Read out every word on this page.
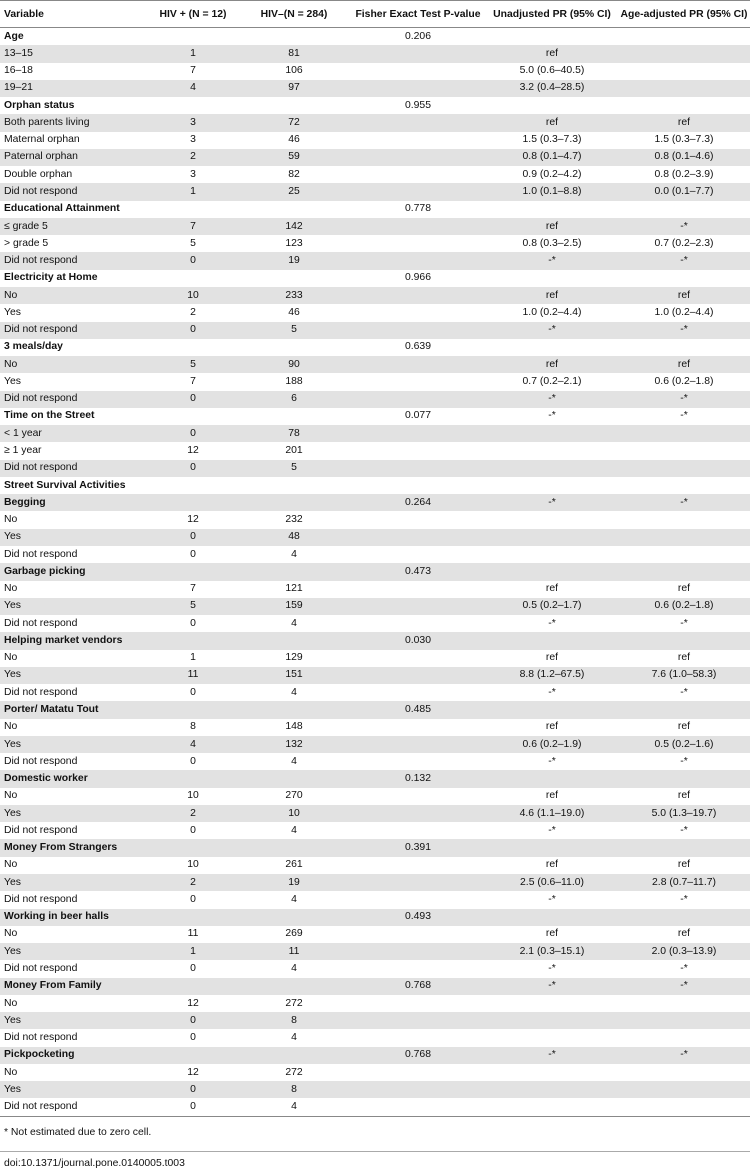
Variable	HIV + (N = 12)	HIV–(N = 284)	Fisher Exact Test P-value	Unadjusted PR (95% CI)	Age-adjusted PR (95% CI)
Age			0.206		
13–15	1	81		ref	
16–18	7	106		5.0 (0.6–40.5)	
19–21	4	97		3.2 (0.4–28.5)	
Orphan status			0.955		
Both parents living	3	72		ref	ref
Maternal orphan	3	46		1.5 (0.3–7.3)	1.5 (0.3–7.3)
Paternal orphan	2	59		0.8 (0.1–4.7)	0.8 (0.1–4.6)
Double orphan	3	82		0.9 (0.2–4.2)	0.8 (0.2–3.9)
Did not respond	1	25		1.0 (0.1–8.8)	0.0 (0.1–7.7)
Educational Attainment			0.778		
≤ grade 5	7	142		ref	-*
> grade 5	5	123		0.8 (0.3–2.5)	0.7 (0.2–2.3)
Did not respond	0	19		-*	-*
Electricity at Home			0.966		
No	10	233		ref	ref
Yes	2	46		1.0 (0.2–4.4)	1.0 (0.2–4.4)
Did not respond	0	5		-*	-*
3 meals/day			0.639		
No	5	90		ref	ref
Yes	7	188		0.7 (0.2–2.1)	0.6 (0.2–1.8)
Did not respond	0	6		-*	-*
Time on the Street			0.077	-*	-*
< 1 year	0	78			
≥ 1 year	12	201			
Did not respond	0	5			
Street Survival Activities					
Begging			0.264	-*	-*
No	12	232			
Yes	0	48			
Did not respond	0	4			
Garbage picking			0.473		
No	7	121		ref	ref
Yes	5	159		0.5 (0.2–1.7)	0.6 (0.2–1.8)
Did not respond	0	4		-*	-*
Helping market vendors			0.030		
No	1	129		ref	ref
Yes	11	151		8.8 (1.2–67.5)	7.6 (1.0–58.3)
Did not respond	0	4		-*	-*
Porter/ Matatu Tout			0.485		
No	8	148		ref	ref
Yes	4	132		0.6 (0.2–1.9)	0.5 (0.2–1.6)
Did not respond	0	4		-*	-*
Domestic worker			0.132		
No	10	270		ref	ref
Yes	2	10		4.6 (1.1–19.0)	5.0 (1.3–19.7)
Did not respond	0	4		-*	-*
Money From Strangers			0.391		
No	10	261		ref	ref
Yes	2	19		2.5 (0.6–11.0)	2.8 (0.7–11.7)
Did not respond	0	4		-*	-*
Working in beer halls			0.493		
No	11	269		ref	ref
Yes	1	11		2.1 (0.3–15.1)	2.0 (0.3–13.9)
Did not respond	0	4		-*	-*
Money From Family			0.768	-*	-*
No	12	272			
Yes	0	8			
Did not respond	0	4			
Pickpocketing			0.768	-*	-*
No	12	272			
Yes	0	8			
Did not respond	0	4			
* Not estimated due to zero cell.
doi:10.1371/journal.pone.0140005.t003
